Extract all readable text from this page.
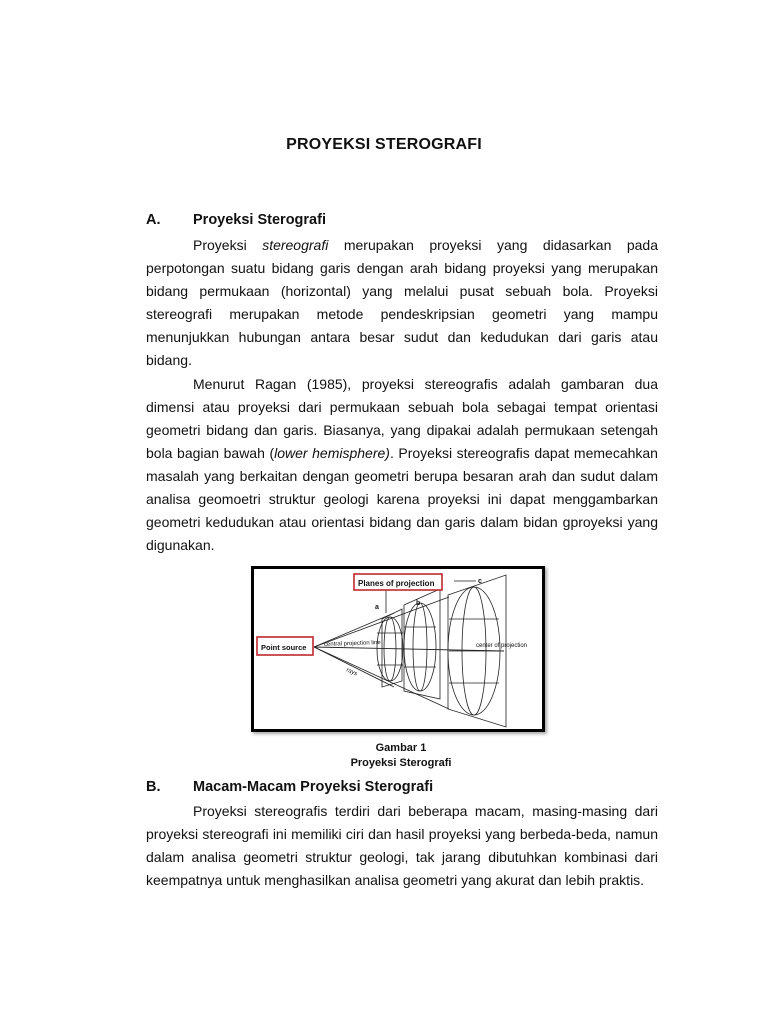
PROYEKSI STEROGRAFI
A. Proyeksi Sterografi

Proyeksi stereografi merupakan proyeksi yang didasarkan pada perpotongan suatu bidang garis dengan arah bidang proyeksi yang merupakan bidang permukaan (horizontal) yang melalui pusat sebuah bola. Proyeksi stereografi merupakan metode pendeskripsian geometri yang mampu menunjukkan hubungan antara besar sudut dan kedudukan dari garis atau bidang.

Menurut Ragan (1985), proyeksi stereografis adalah gambaran dua dimensi atau proyeksi dari permukaan sebuah bola sebagai tempat orientasi geometri bidang dan garis. Biasanya, yang dipakai adalah permukaan setengah bola bagian bawah (lower hemisphere). Proyeksi stereografis dapat memecahkan masalah yang berkaitan dengan geometri berupa besaran arah dan sudut dalam analisa geomoetri struktur geologi karena proyeksi ini dapat menggambarkan geometri kedudukan atau orientasi bidang dan garis dalam bidan gproyeksi yang digunakan.

Planes of projection
Point source	central projection line
rays
center of projection
a
b
c
Gambar 1
Proyeksi Sterografi
B. Macam-Macam Proyeksi Sterografi

Proyeksi stereografis terdiri dari beberapa macam, masing-masing dari proyeksi stereografi ini memiliki ciri dan hasil proyeksi yang berbeda-beda, namun dalam analisa geometri struktur geologi, tak jarang dibutuhkan kombinasi dari keempatnya untuk menghasilkan analisa geometri yang akurat dan lebih praktis.
